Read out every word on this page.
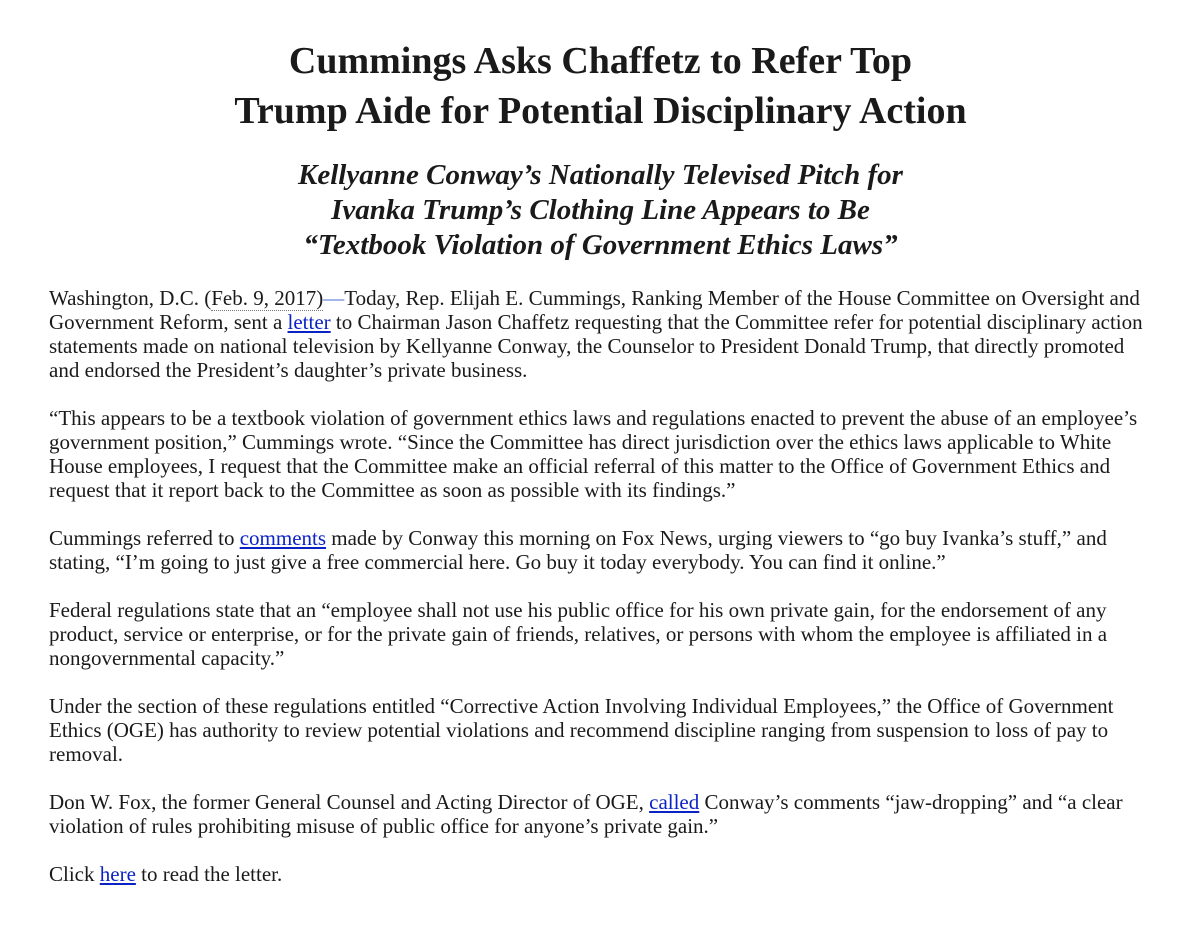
Cummings Asks Chaffetz to Refer Top
Trump Aide for Potential Disciplinary Action
Kellyanne Conway’s Nationally Televised Pitch for
Ivanka Trump’s Clothing Line Appears to Be
“Textbook Violation of Government Ethics Laws”

Washington, D.C. (Feb. 9, 2017)—Today, Rep. Elijah E. Cummings, Ranking Member of the House Committee on Oversight and Government Reform, sent a letter to Chairman Jason Chaffetz requesting that the Committee refer for potential disciplinary action statements made on national television by Kellyanne Conway, the Counselor to President Donald Trump, that directly promoted and endorsed the President’s daughter’s private business.

“This appears to be a textbook violation of government ethics laws and regulations enacted to prevent the abuse of an employee’s government position,” Cummings wrote. “Since the Committee has direct jurisdiction over the ethics laws applicable to White House employees, I request that the Committee make an official referral of this matter to the Office of Government Ethics and request that it report back to the Committee as soon as possible with its findings.”

Cummings referred to comments made by Conway this morning on Fox News, urging viewers to “go buy Ivanka’s stuff,” and stating, “I’m going to just give a free commercial here. Go buy it today everybody. You can find it online.”

Federal regulations state that an “employee shall not use his public office for his own private gain, for the endorsement of any product, service or enterprise, or for the private gain of friends, relatives, or persons with whom the employee is affiliated in a nongovernmental capacity.”

Under the section of these regulations entitled “Corrective Action Involving Individual Employees,” the Office of Government Ethics (OGE) has authority to review potential violations and recommend discipline ranging from suspension to loss of pay to removal.

Don W. Fox, the former General Counsel and Acting Director of OGE, called Conway’s comments “jaw-dropping” and “a clear violation of rules prohibiting misuse of public office for anyone’s private gain.”

Click here to read the letter.
